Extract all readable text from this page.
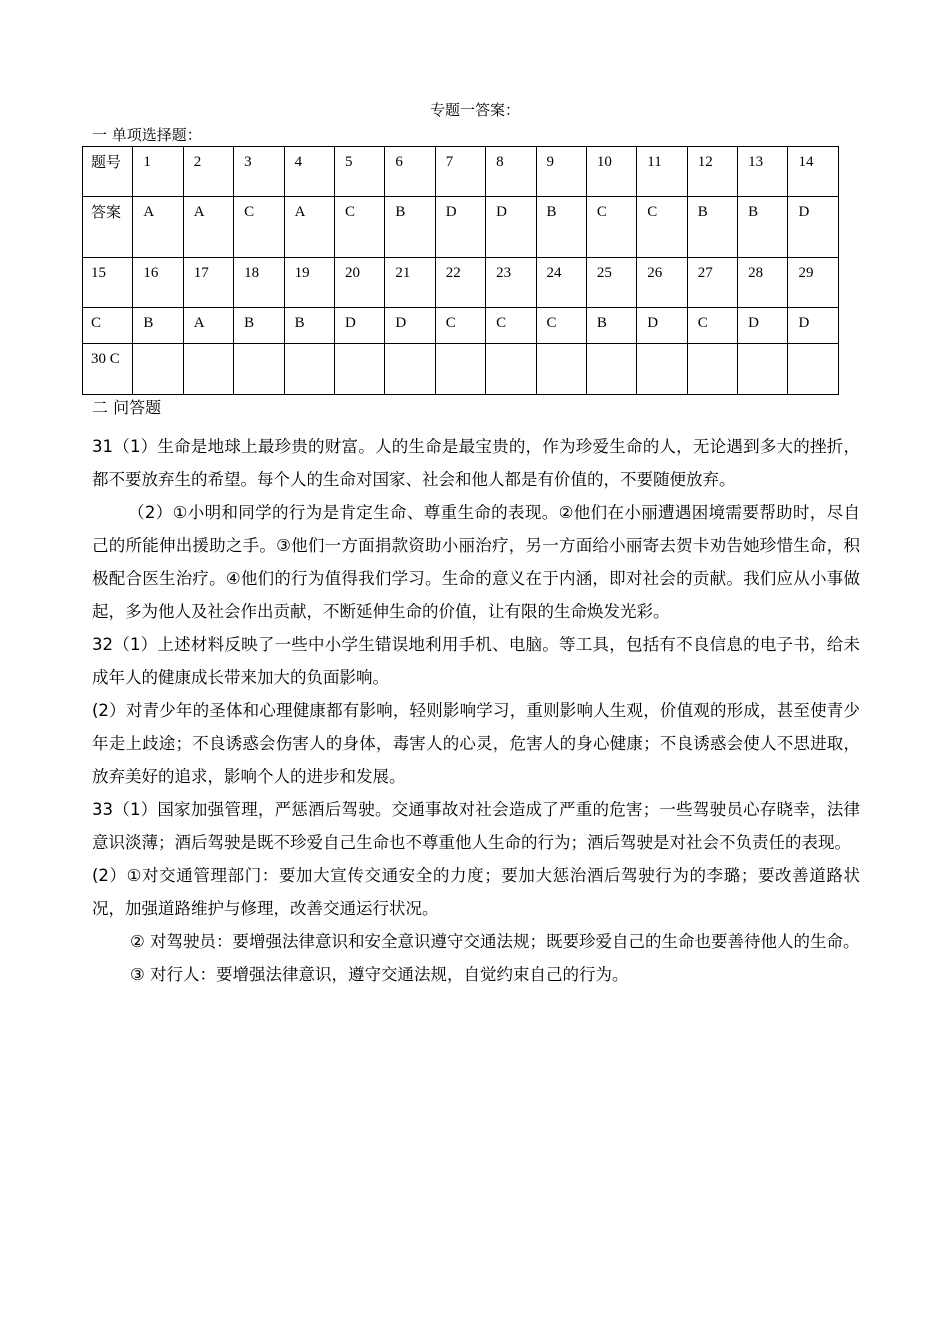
专题一答案：
一 单项选择题：
题号	1	2	3	4	5	6	7	8	9	10	11	12	13	14
答案	A	A	C	A	C	B	D	D	B	C	C	B	B	D
15	16	17	18	19	20	21	22	23	24	25	26	27	28	29
C	B	A	B	B	D	D	C	C	C	B	D	C	D	D
30 C														
二 问答题

31（1）生命是地球上最珍贵的财富。人的生命是最宝贵的，作为珍爱生命的人，无论遇到多大的挫折，都不要放弃生的希望。每个人的生命对国家、社会和他人都是有价值的，不要随便放弃。

（2）①小明和同学的行为是肯定生命、尊重生命的表现。②他们在小丽遭遇困境需要帮助时，尽自己的所能伸出援助之手。③他们一方面捐款资助小丽治疗，另一方面给小丽寄去贺卡劝告她珍惜生命，积极配合医生治疗。④他们的行为值得我们学习。生命的意义在于内涵，即对社会的贡献。我们应从小事做起，多为他人及社会作出贡献，不断延伸生命的价值，让有限的生命焕发光彩。

32（1）上述材料反映了一些中小学生错误地利用手机、电脑。等工具，包括有不良信息的电子书，给未成年人的健康成长带来加大的负面影响。

(2）对青少年的圣体和心理健康都有影响，轻则影响学习，重则影响人生观，价值观的形成，甚至使青少年走上歧途；不良诱惑会伤害人的身体，毒害人的心灵，危害人的身心健康；不良诱惑会使人不思进取，放弃美好的追求，影响个人的进步和发展。

33（1）国家加强管理，严惩酒后驾驶。交通事故对社会造成了严重的危害；一些驾驶员心存晓幸，法律意识淡薄；酒后驾驶是既不珍爱自己生命也不尊重他人生命的行为；酒后驾驶是对社会不负责任的表现。

(2）①对交通管理部门：要加大宣传交通安全的力度；要加大惩治酒后驾驶行为的李璐；要改善道路状况，加强道路维护与修理，改善交通运行状况。

② 对驾驶员：要增强法律意识和安全意识遵守交通法规；既要珍爱自己的生命也要善待他人的生命。

③ 对行人：要增强法律意识，遵守交通法规，自觉约束自己的行为。
